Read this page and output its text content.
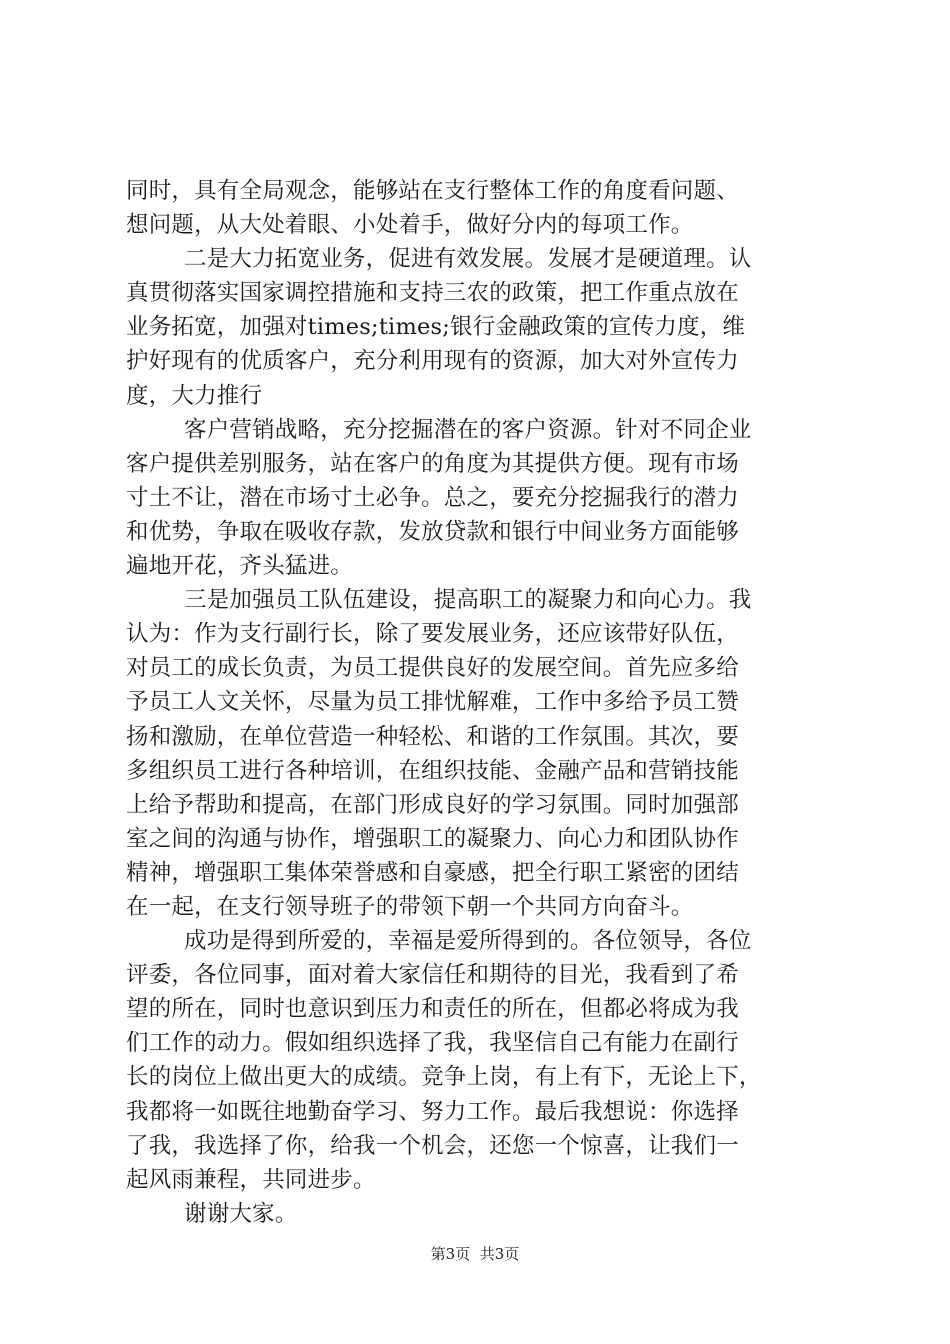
同时，具有全局观念，能够站在支行整体工作的角度看问题、
想问题，从大处着眼、小处着手，做好分内的每项工作。
二是大力拓宽业务，促进有效发展。发展才是硬道理。认
真贯彻落实国家调控措施和支持三农的政策，把工作重点放在
业务拓宽，加强对times;times;银行金融政策的宣传力度，维
护好现有的优质客户，充分利用现有的资源，加大对外宣传力
度，大力推行
客户营销战略，充分挖掘潜在的客户资源。针对不同企业
客户提供差别服务，站在客户的角度为其提供方便。现有市场
寸土不让，潜在市场寸土必争。总之，要充分挖掘我行的潜力
和优势，争取在吸收存款，发放贷款和银行中间业务方面能够
遍地开花，齐头猛进。
三是加强员工队伍建设，提高职工的凝聚力和向心力。我
认为：作为支行副行长，除了要发展业务，还应该带好队伍，
对员工的成长负责，为员工提供良好的发展空间。首先应多给
予员工人文关怀，尽量为员工排忧解难，工作中多给予员工赞
扬和激励，在单位营造一种轻松、和谐的工作氛围。其次，要
多组织员工进行各种培训，在组织技能、金融产品和营销技能
上给予帮助和提高，在部门形成良好的学习氛围。同时加强部
室之间的沟通与协作，增强职工的凝聚力、向心力和团队协作
精神，增强职工集体荣誉感和自豪感，把全行职工紧密的团结
在一起，在支行领导班子的带领下朝一个共同方向奋斗。
成功是得到所爱的，幸福是爱所得到的。各位领导，各位
评委，各位同事，面对着大家信任和期待的目光，我看到了希
望的所在，同时也意识到压力和责任的所在，但都必将成为我
们工作的动力。假如组织选择了我，我坚信自己有能力在副行
长的岗位上做出更大的成绩。竞争上岗，有上有下，无论上下，
我都将一如既往地勤奋学习、努力工作。最后我想说：你选择
了我，我选择了你，给我一个机会，还您一个惊喜，让我们一
起风雨兼程，共同进步。
谢谢大家。
第3页 共3页
